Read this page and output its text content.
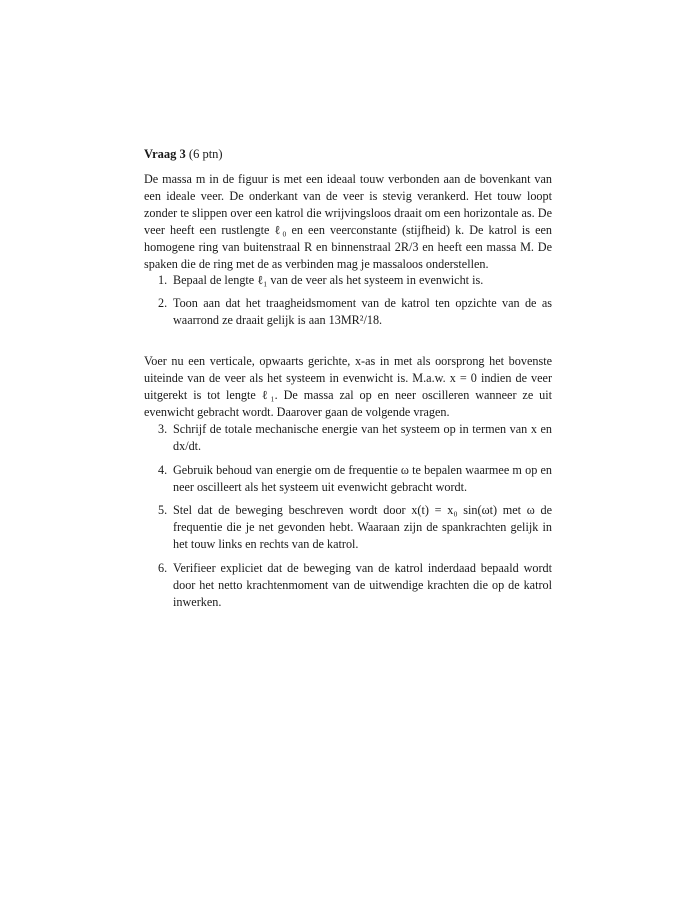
Vraag 3 (6 ptn)

De massa m in de figuur is met een ideaal touw verbonden aan de bovenkant van een ideale veer. De onderkant van de veer is stevig verankerd. Het touw loopt zonder te slippen over een katrol die wrijvingsloos draait om een horizontale as. De veer heeft een rustlengte ℓ₀ en een veerconstante (stijfheid) k. De katrol is een homogene ring van buitenstraal R en binnenstraal 2R/3 en heeft een massa M. De spaken die de ring met de as verbinden mag je massaloos onderstellen.

1. Bepaal de lengte ℓ₁ van de veer als het systeem in evenwicht is.
2. Toon aan dat het traagheidsmoment van de katrol ten opzichte van de as waarrond ze draait gelijk is aan 13MR²/18.

Voer nu een verticale, opwaarts gerichte, x-as in met als oorsprong het bovenste uiteinde van de veer als het systeem in evenwicht is. M.a.w. x = 0 indien de veer uitgerekt is tot lengte ℓ₁. De massa zal op en neer oscilleren wanneer ze uit evenwicht gebracht wordt. Daarover gaan de volgende vragen.

3. Schrijf de totale mechanische energie van het systeem op in termen van x en dx/dt.
4. Gebruik behoud van energie om de frequentie ω te bepalen waarmee m op en neer oscilleert als het systeem uit evenwicht gebracht wordt.
5. Stel dat de beweging beschreven wordt door x(t) = x₀ sin(ωt) met ω de frequentie die je net gevonden hebt. Waaraan zijn de spankrachten gelijk in het touw links en rechts van de katrol.
6. Verifieer expliciet dat de beweging van de katrol inderdaad bepaald wordt door het netto krachtenmoment van de uitwendige krachten die op de katrol inwerken.
